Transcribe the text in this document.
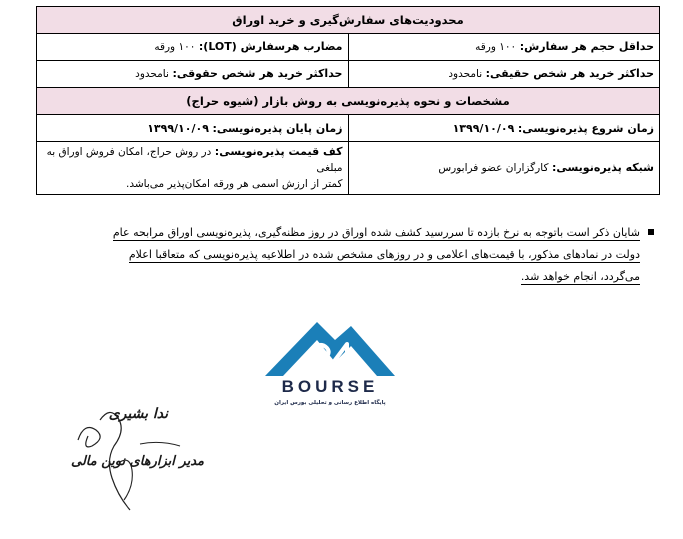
محدودیت‌های سفارش‌گیری و خرید اوراق	
حداقل حجم هر سفارش: ۱۰۰ ورقه	مضارب هرسفارش (LOT): ۱۰۰ ورقه
حداکثر خرید هر شخص حقیقی: نامحدود	حداکثر خرید هر شخص حقوقی: نامحدود
مشخصات و نحوه پذیره‌نویسی به روش بازار (شیوه حراج)	
زمان شروع پذیره‌نویسی: ۱۳۹۹/۱۰/۰۹	زمان پایان پذیره‌نویسی: ۱۳۹۹/۱۰/۰۹
شبکه پذیره‌نویسی: کارگزاران عضو فرابورس	کف قیمت پذیره‌نویسی: در روش حراج، امکان فروش اوراق به مبلغی
کمتر از ارزش اسمی هر ورقه امکان‌پذیر می‌باشد.
شایان ذکر است باتوجه به نرخ بازده تا سررسید کشف شده اوراق در روز مظنه‌گیری، پذیره‌نویسی اوراق مرابحه عام
دولت در نمادهای مذکور، با قیمت‌های اعلامی و در روزهای مشخص شده در اطلاعیه پذیره‌نویسی که متعاقبا اعلام
می‌گردد، انجام خواهد شد.
BOURSE
پایگاه اطلاع رسانی و تحلیلی بورس ایران
ندا بشیری
مدیر ابزارهای نوین مالی
